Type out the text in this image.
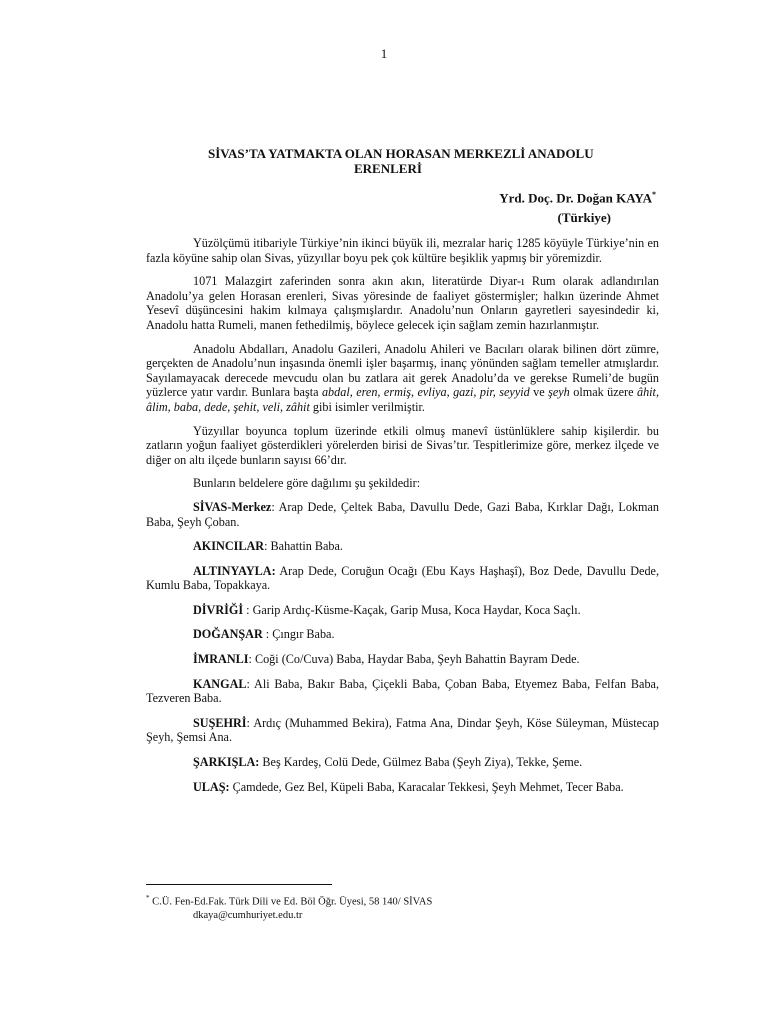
1
SİVAS’TA YATMAKTA OLAN HORASAN MERKEZLİ ANADOLU
ERENLERİ
Yrd. Doç. Dr. Doğan KAYA*
(Türkiye)

Yüzölçümü itibariyle Türkiye’nin ikinci büyük ili, mezralar hariç 1285 köyüyle Türkiye’nin en fazla köyüne sahip olan Sivas, yüzyıllar boyu pek çok kültüre beşiklik yapmış bir yöremizdir.

1071 Malazgirt zaferinden sonra akın akın, literatürde Diyar-ı Rum olarak adlandırılan Anadolu’ya gelen Horasan erenleri, Sivas yöresinde de faaliyet göstermişler; halkın üzerinde Ahmet Yesevî düşüncesini hakim kılmaya çalışmışlardır. Anadolu’nun Onların gayretleri sayesindedir ki, Anadolu hatta Rumeli, manen fethedilmiş, böylece gelecek için sağlam zemin hazırlanmıştır.

Anadolu Abdalları, Anadolu Gazileri, Anadolu Ahileri ve Bacıları olarak bilinen dört zümre, gerçekten de Anadolu’nun inşasında önemli işler başarmış, inanç yönünden sağlam temeller atmışlardır. Sayılamayacak derecede mevcudu olan bu zatlara ait gerek Anadolu’da ve gerekse Rumeli’de bugün yüzlerce yatır vardır. Bunlara başta abdal, eren, ermiş, evliya, gazi, pir, seyyid ve şeyh olmak üzere âhit, âlim, baba, dede, şehit, veli, zâhit gibi isimler verilmiştir.

Yüzyıllar boyunca toplum üzerinde etkili olmuş manevî üstünlüklere sahip kişilerdir. bu zatların yoğun faaliyet gösterdikleri yörelerden birisi de Sivas’tır. Tespitlerimize göre, merkez ilçede ve diğer on altı ilçede bunların sayısı 66’dır.

Bunların beldelere göre dağılımı şu şekildedir:

SİVAS-Merkez: Arap Dede, Çeltek Baba, Davullu Dede, Gazi Baba, Kırklar Dağı, Lokman Baba, Şeyh Çoban.

AKINCILAR: Bahattin Baba.

ALTINYAYLA: Arap Dede, Coruğun Ocağı (Ebu Kays Haşhaşî), Boz Dede, Davullu Dede, Kumlu Baba, Topakkaya.

DİVRİĞİ : Garip Ardıç-Küsme-Kaçak, Garip Musa, Koca Haydar, Koca Saçlı.

DOĞANŞAR : Çıngır Baba.

İMRANLI: Coği (Co/Cuva) Baba, Haydar Baba, Şeyh Bahattin Bayram Dede.

KANGAL: Ali Baba, Bakır Baba, Çiçekli Baba, Çoban Baba, Etyemez Baba, Felfan Baba, Tezveren Baba.

SUŞEHRİ: Ardıç (Muhammed Bekira), Fatma Ana, Dindar Şeyh, Köse Süleyman, Müstecap Şeyh, Şemsi Ana.

ŞARKIŞLA: Beş Kardeş, Colü Dede, Gülmez Baba (Şeyh Ziya), Tekke, Şeme.

ULAŞ: Çamdede, Gez Bel, Küpeli Baba, Karacalar Tekkesi, Şeyh Mehmet, Tecer Baba.

* C.Ü. Fen-Ed.Fak. Türk Dili ve Ed. Böl Öğr. Üyesi, 58 140/ SİVAS
dkaya@cumhuriyet.edu.tr
